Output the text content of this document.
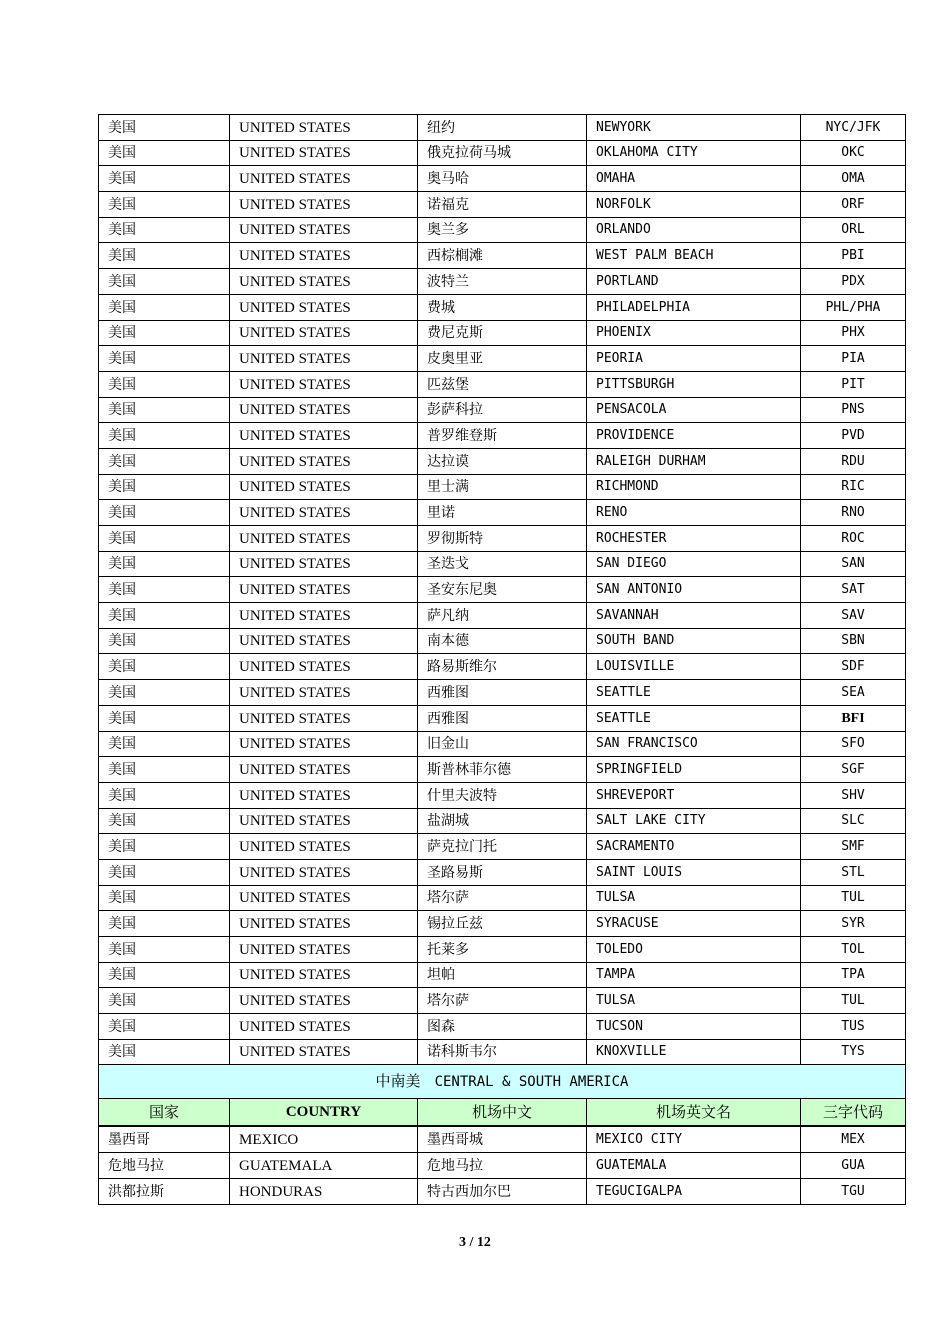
美国	UNITED STATES	纽约	NEWYORK	NYC/JFK
美国	UNITED STATES	俄克拉荷马城	OKLAHOMA CITY	OKC
美国	UNITED STATES	奥马哈	OMAHA	OMA
美国	UNITED STATES	诺福克	NORFOLK	ORF
美国	UNITED STATES	奥兰多	ORLANDO	ORL
美国	UNITED STATES	西棕榈滩	WEST PALM BEACH	PBI
美国	UNITED STATES	波特兰	PORTLAND	PDX
美国	UNITED STATES	费城	PHILADELPHIA	PHL/PHA
美国	UNITED STATES	费尼克斯	PHOENIX	PHX
美国	UNITED STATES	皮奥里亚	PEORIA	PIA
美国	UNITED STATES	匹兹堡	PITTSBURGH	PIT
美国	UNITED STATES	彭萨科拉	PENSACOLA	PNS
美国	UNITED STATES	普罗维登斯	PROVIDENCE	PVD
美国	UNITED STATES	达拉谟	RALEIGH DURHAM	RDU
美国	UNITED STATES	里士满	RICHMOND	RIC
美国	UNITED STATES	里诺	RENO	RNO
美国	UNITED STATES	罗彻斯特	ROCHESTER	ROC
美国	UNITED STATES	圣迭戈	SAN DIEGO	SAN
美国	UNITED STATES	圣安东尼奥	SAN ANTONIO	SAT
美国	UNITED STATES	萨凡纳	SAVANNAH	SAV
美国	UNITED STATES	南本德	SOUTH BAND	SBN
美国	UNITED STATES	路易斯维尔	LOUISVILLE	SDF
美国	UNITED STATES	西雅图	SEATTLE	SEA
美国	UNITED STATES	西雅图	SEATTLE	BFI
美国	UNITED STATES	旧金山	SAN FRANCISCO	SFO
美国	UNITED STATES	斯普林菲尔德	SPRINGFIELD	SGF
美国	UNITED STATES	什里夫波特	SHREVEPORT	SHV
美国	UNITED STATES	盐湖城	SALT LAKE CITY	SLC
美国	UNITED STATES	萨克拉门托	SACRAMENTO	SMF
美国	UNITED STATES	圣路易斯	SAINT LOUIS	STL
美国	UNITED STATES	塔尔萨	TULSA	TUL
美国	UNITED STATES	锡拉丘兹	SYRACUSE	SYR
美国	UNITED STATES	托莱多	TOLEDO	TOL
美国	UNITED STATES	坦帕	TAMPA	TPA
美国	UNITED STATES	塔尔萨	TULSA	TUL
美国	UNITED STATES	图森	TUCSON	TUS
美国	UNITED STATES	诺科斯韦尔	KNOXVILLE	TYS
中南美 CENTRAL & SOUTH AMERICA				
国家	COUNTRY	机场中文	机场英文名	三字代码
墨西哥	MEXICO	墨西哥城	MEXICO CITY	MEX
危地马拉	GUATEMALA	危地马拉	GUATEMALA	GUA
洪都拉斯	HONDURAS	特古西加尔巴	TEGUCIGALPA	TGU
3 / 12
